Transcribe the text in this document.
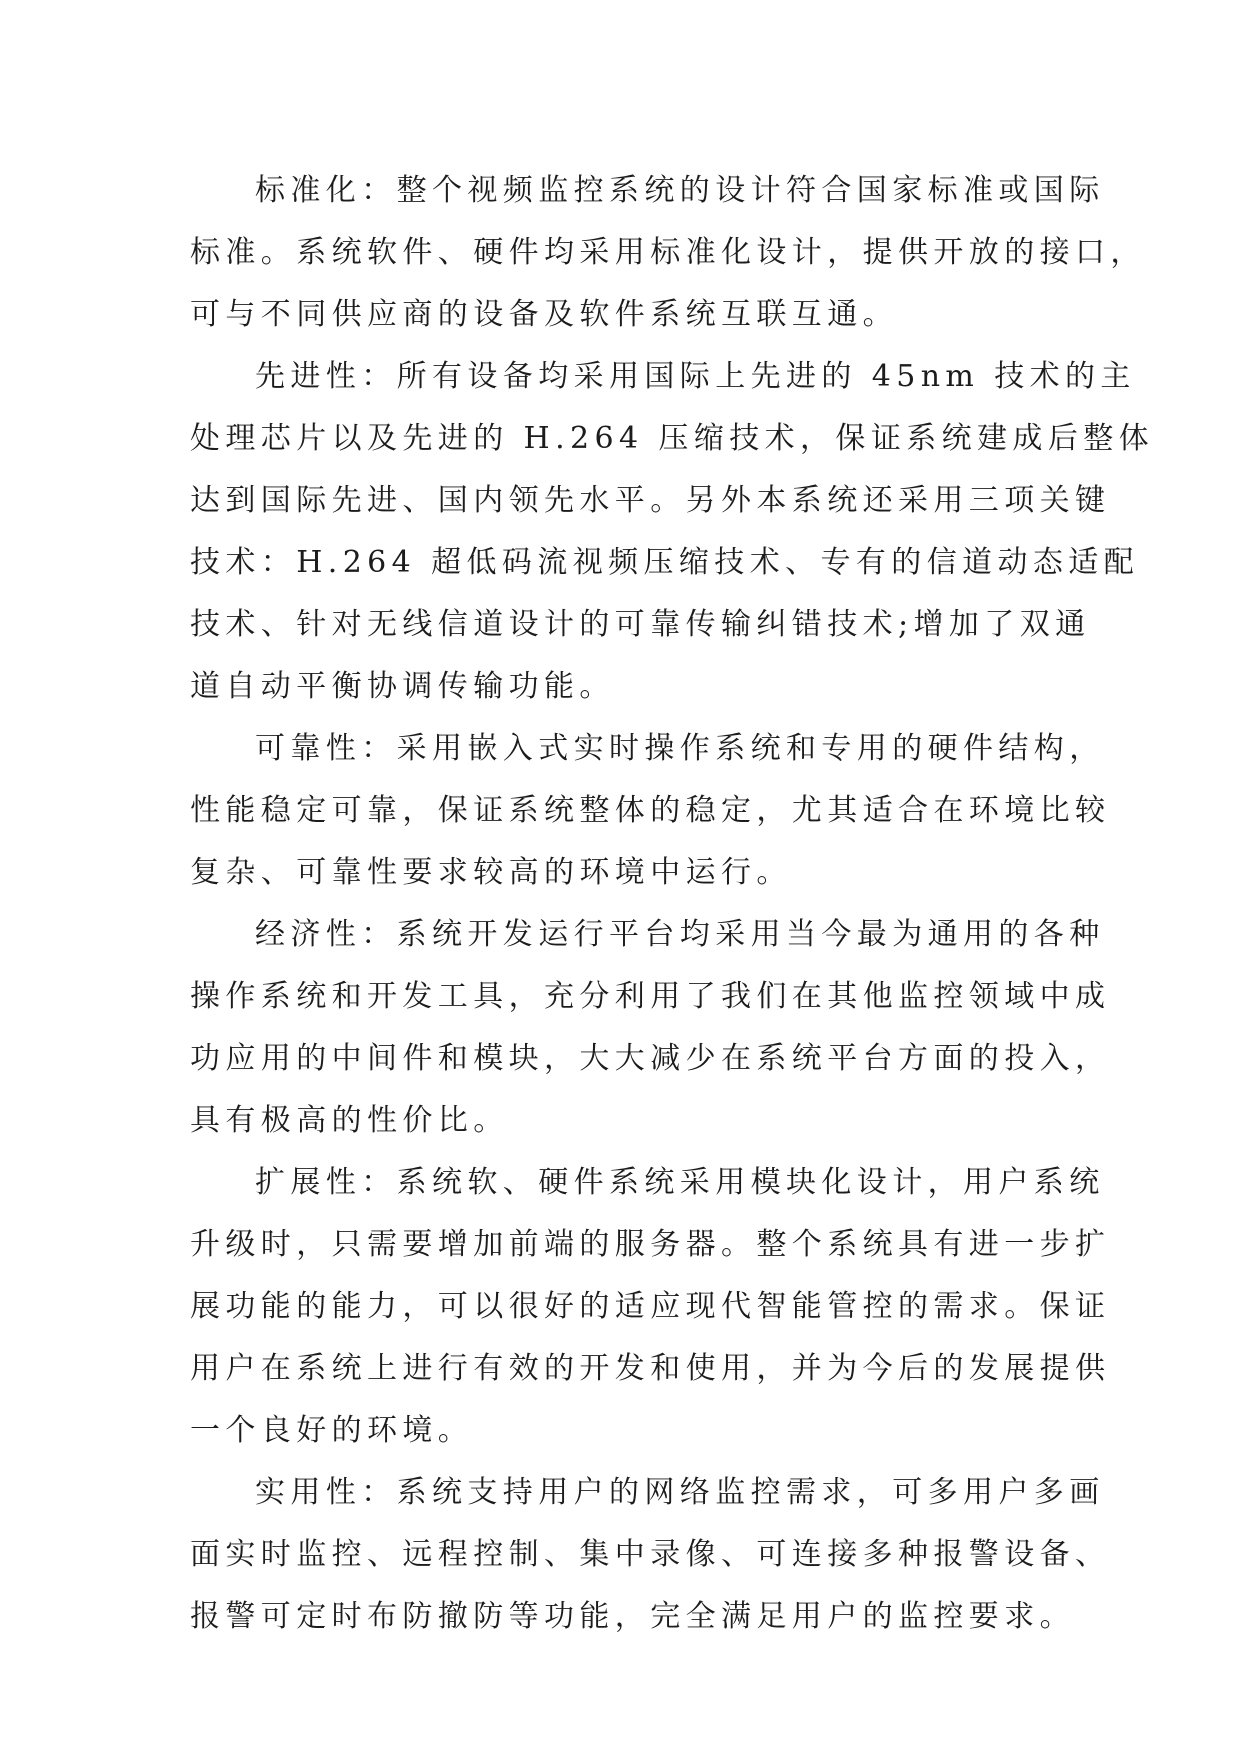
标准化：整个视频监控系统的设计符合国家标准或国际
标准。系统软件、硬件均采用标准化设计，提供开放的接口，
可与不同供应商的设备及软件系统互联互通。

先进性：所有设备均采用国际上先进的 45nm 技术的主
处理芯片以及先进的 H.264 压缩技术，保证系统建成后整体
达到国际先进、国内领先水平。另外本系统还采用三项关键
技术：H.264 超低码流视频压缩技术、专有的信道动态适配
技术、针对无线信道设计的可靠传输纠错技术;增加了双通
道自动平衡协调传输功能。

可靠性：采用嵌入式实时操作系统和专用的硬件结构，
性能稳定可靠，保证系统整体的稳定，尤其适合在环境比较
复杂、可靠性要求较高的环境中运行。

经济性：系统开发运行平台均采用当今最为通用的各种
操作系统和开发工具，充分利用了我们在其他监控领域中成
功应用的中间件和模块，大大减少在系统平台方面的投入，
具有极高的性价比。

扩展性：系统软、硬件系统采用模块化设计，用户系统
升级时，只需要增加前端的服务器。整个系统具有进一步扩
展功能的能力，可以很好的适应现代智能管控的需求。保证
用户在系统上进行有效的开发和使用，并为今后的发展提供
一个良好的环境。

实用性：系统支持用户的网络监控需求，可多用户多画
面实时监控、远程控制、集中录像、可连接多种报警设备、
报警可定时布防撤防等功能，完全满足用户的监控要求。
